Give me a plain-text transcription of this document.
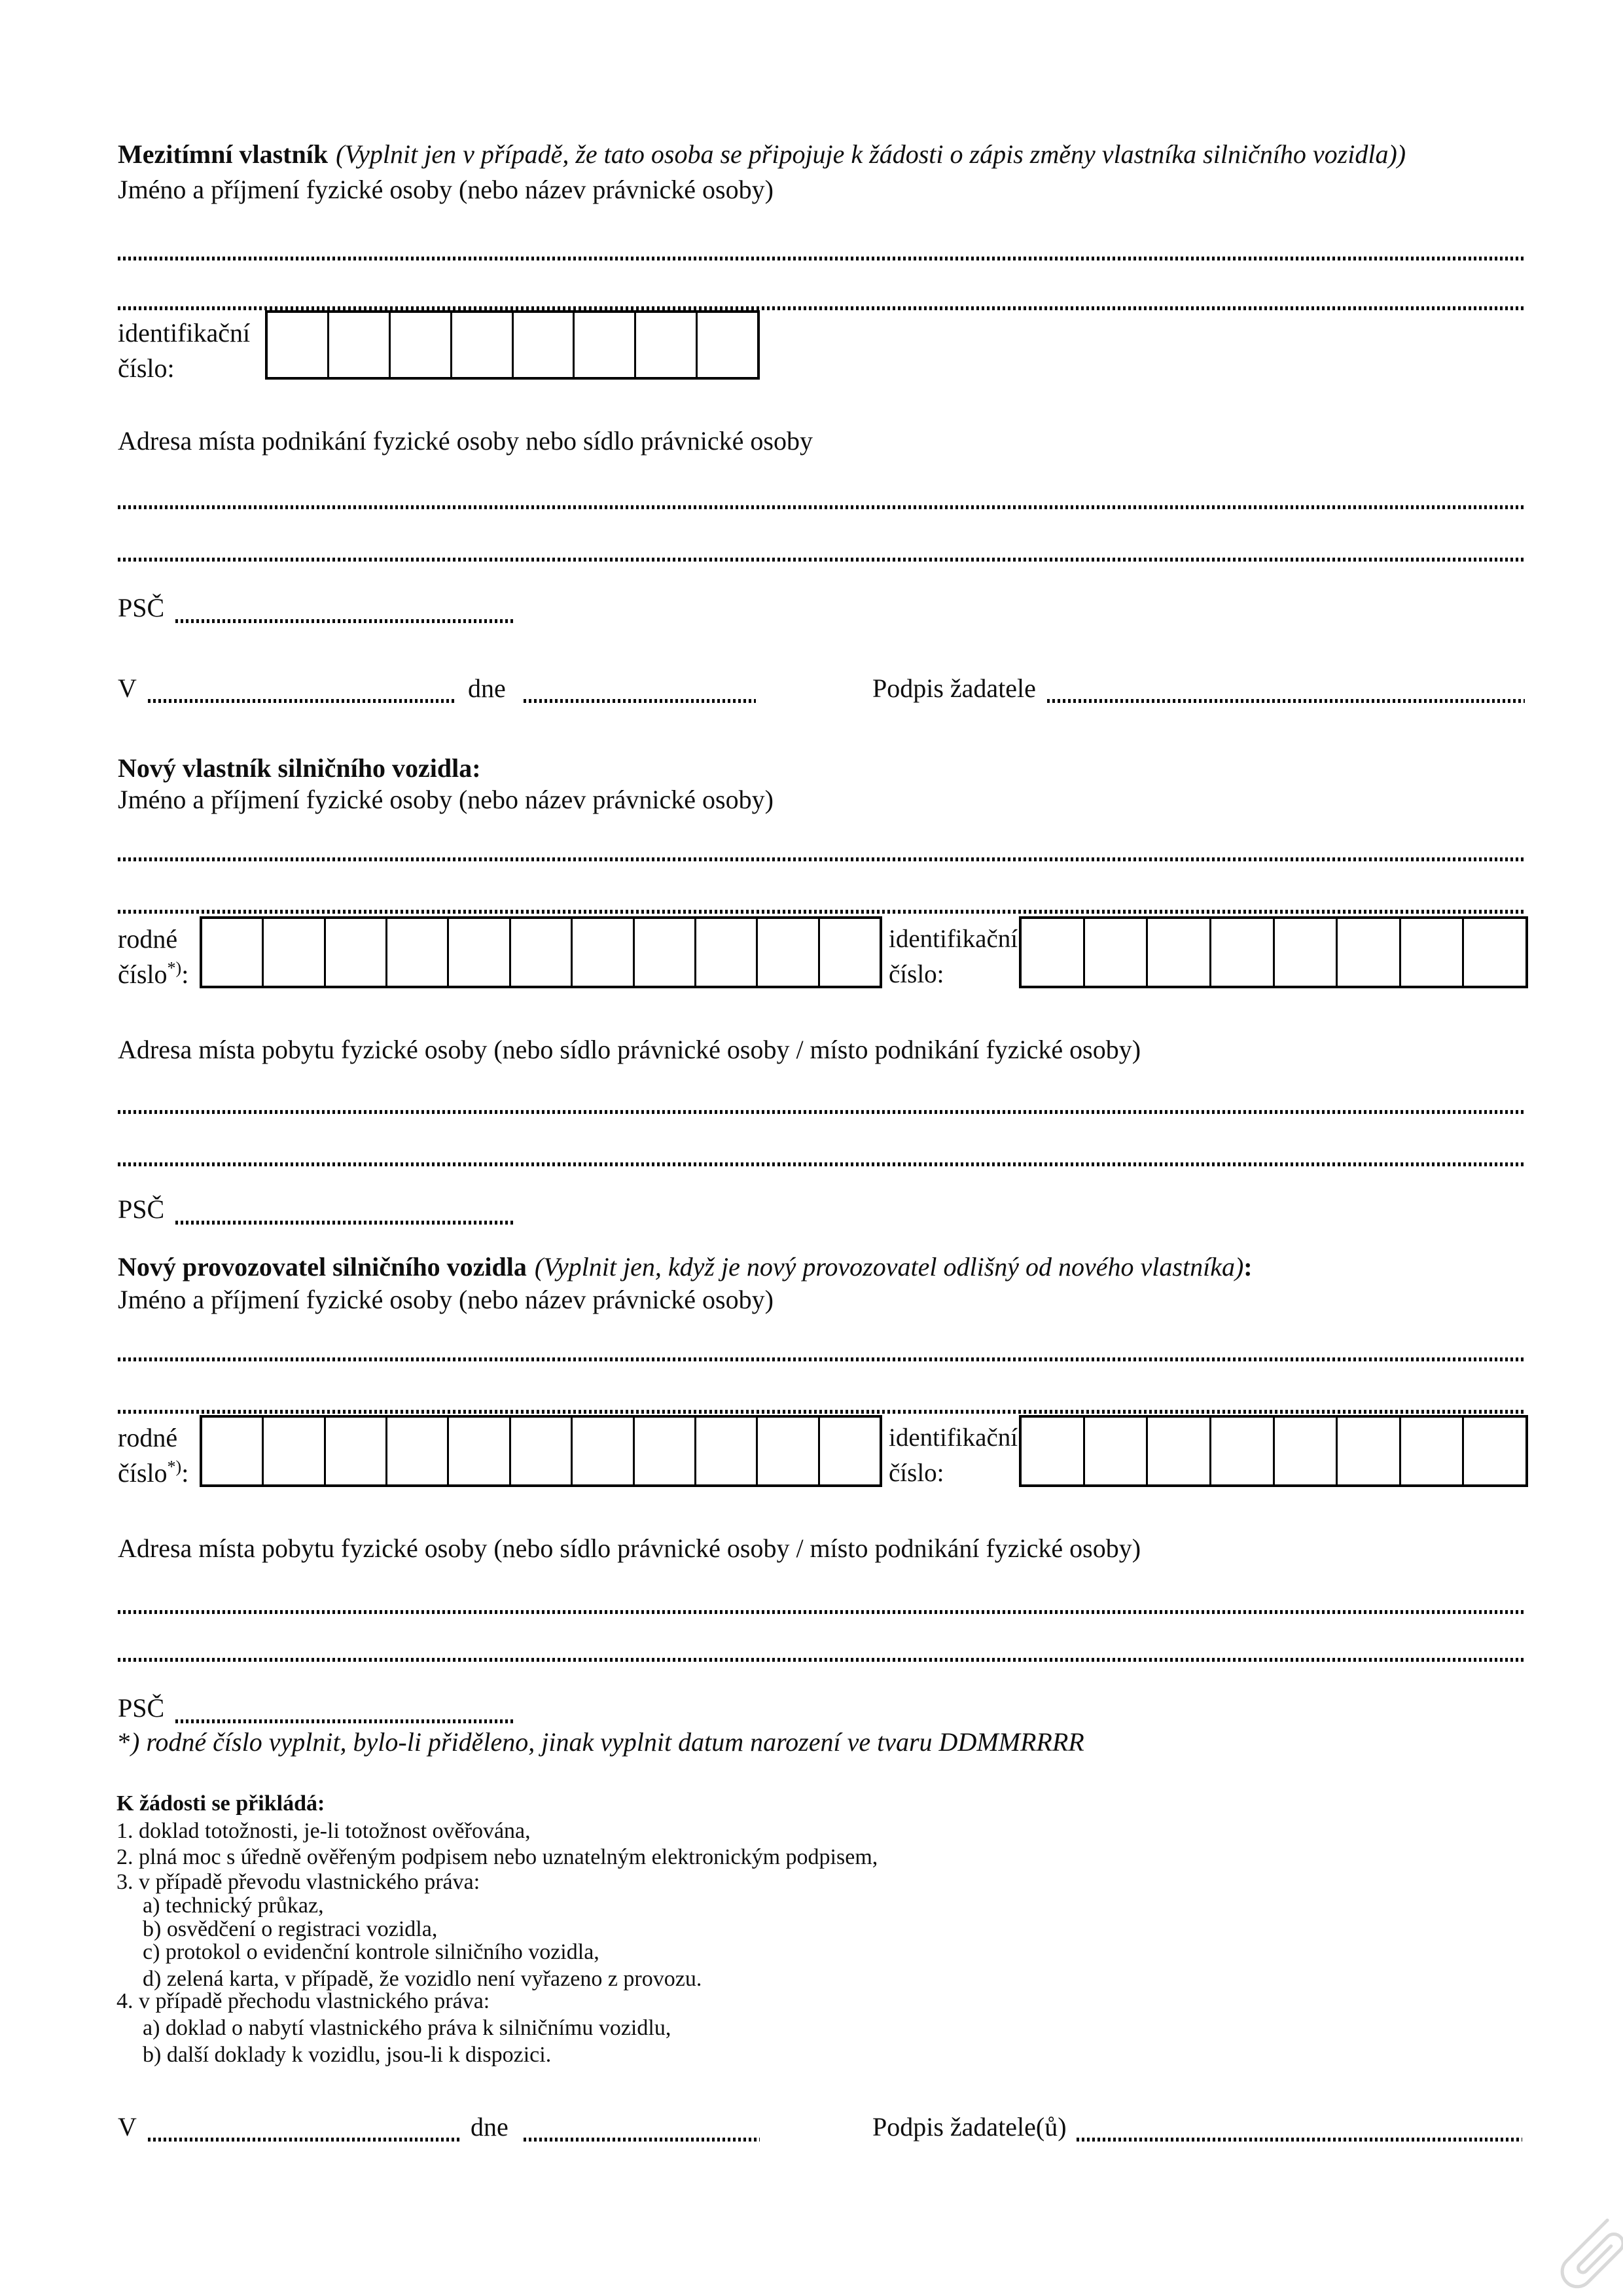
Mezitímní vlastník (Vyplnit jen v případě, že tato osoba se připojuje k žádosti o zápis změny vlastníka silničního vozidla))
Jméno a příjmení fyzické osoby (nebo název právnické osoby)
identifikační
číslo:
Adresa místa podnikání fyzické osoby nebo sídlo právnické osoby
PSČ
V	dne	Podpis žadatele
Nový vlastník silničního vozidla:
Jméno a příjmení fyzické osoby (nebo název právnické osoby)
rodné
číslo*):
identifikační
číslo:
Adresa místa pobytu fyzické osoby (nebo sídlo právnické osoby / místo podnikání fyzické osoby)
PSČ
Nový provozovatel silničního vozidla (Vyplnit jen, když je nový provozovatel odlišný od nového vlastníka):
Jméno a příjmení fyzické osoby (nebo název právnické osoby)
rodné
číslo*):
identifikační
číslo:
Adresa místa pobytu fyzické osoby (nebo sídlo právnické osoby / místo podnikání fyzické osoby)
PSČ
*) rodné číslo vyplnit, bylo-li přiděleno, jinak vyplnit datum narození ve tvaru DDMMRRRR
K žádosti se přikládá:
1. doklad totožnosti, je-li totožnost ověřována,
2. plná moc s úředně ověřeným podpisem nebo uznatelným elektronickým podpisem,
3. v případě převodu vlastnického práva:
a) technický průkaz,
b) osvědčení o registraci vozidla,
c) protokol o evidenční kontrole silničního vozidla,
d) zelená karta, v případě, že vozidlo není vyřazeno z provozu.
4. v případě přechodu vlastnického práva:
a) doklad o nabytí vlastnického práva k silničnímu vozidlu,
b) další doklady k vozidlu, jsou-li k dispozici.
V	dne	Podpis žadatele(ů)
